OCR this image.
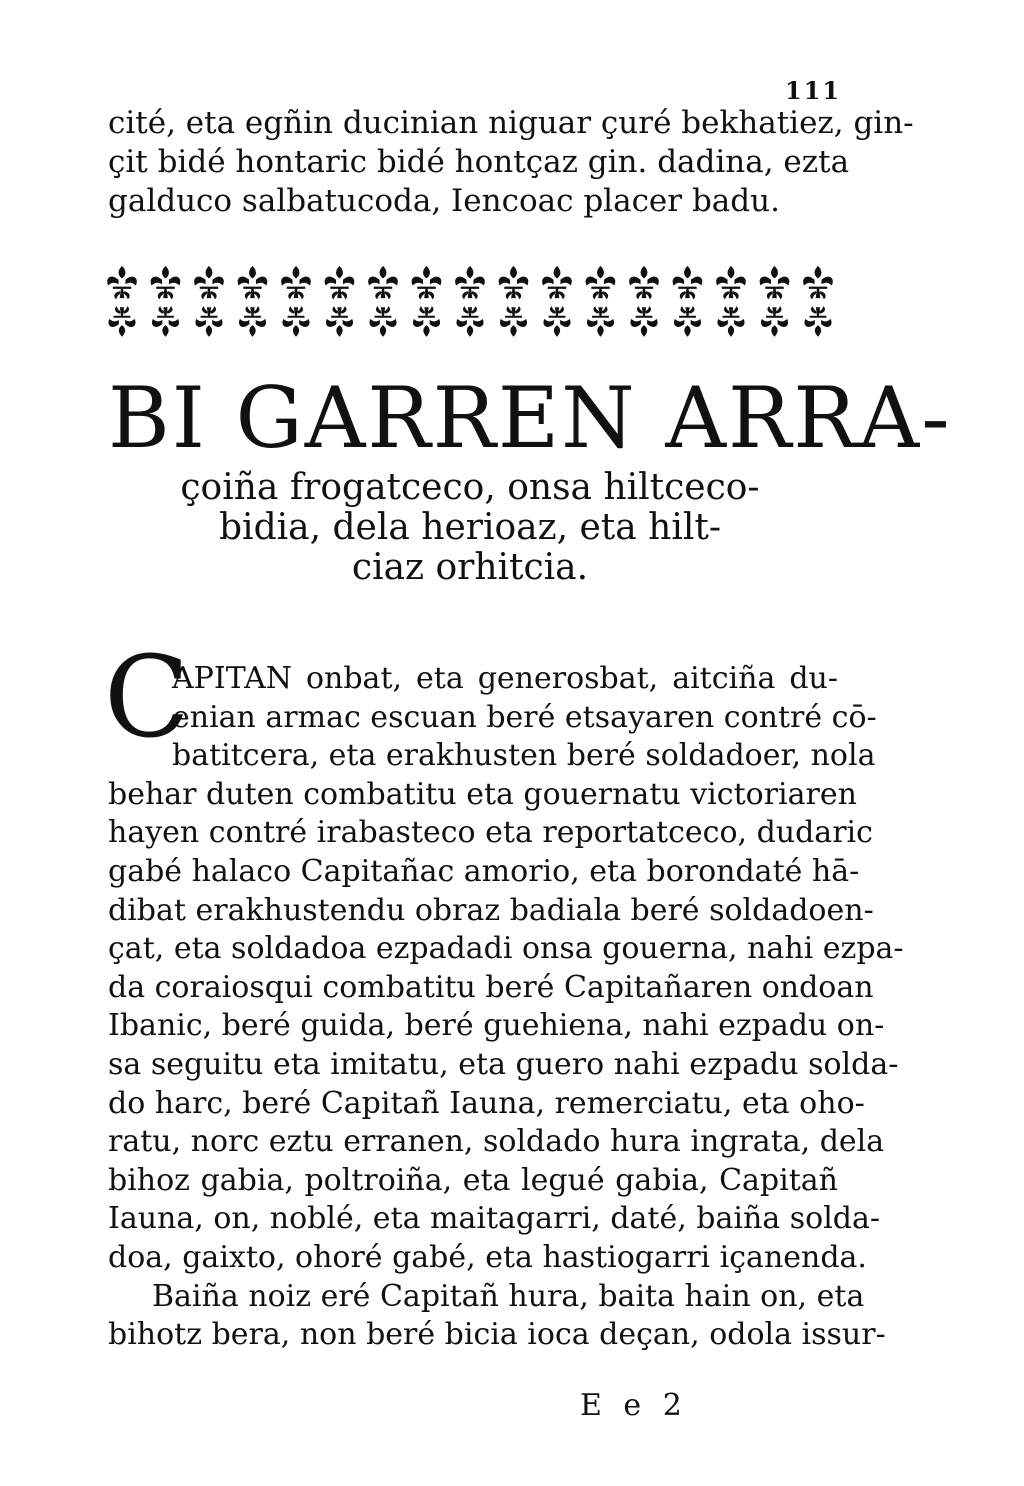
111
cité, eta egñin ducinian niguar çuré bekhatiez, gin-
çit bidé hontaric bidé hontçaz gin. dadina, ezta
galduco salbatucoda, Iencoac placer badu.
BI GARREN ARRA-
çoiña frogatceco, onsa hiltceco-
bidia, dela herioaz, eta hilt-
ciaz orhitcia.
C
APITAN onbat, eta generosbat, aitciña du-
enian armac escuan beré etsayaren contré cō-
batitcera, eta erakhusten beré soldadoer, nola
behar duten combatitu eta gouernatu victoriaren
hayen contré irabasteco eta reportatceco, dudaric
gabé halaco Capitañac amorio, eta borondaté hā-
dibat erakhustendu obraz badiala beré soldadoen-
çat, eta soldadoa ezpadadi onsa gouerna, nahi ezpa-
da coraiosqui combatitu beré Capitañaren ondoan
Ibanic, beré guida, beré guehiena, nahi ezpadu on-
sa seguitu eta imitatu, eta guero nahi ezpadu solda-
do harc, beré Capitañ Iauna, remerciatu, eta oho-
ratu, norc eztu erranen, soldado hura ingrata, dela
bihoz gabia, poltroiña, eta legué gabia, Capitañ
Iauna, on, noblé, eta maitagarri, daté, baiña solda-
doa, gaixto, ohoré gabé, eta hastiogarri içanenda.
Baiña noiz eré Capitañ hura, baita hain on, eta
bihotz bera, non beré bicia ioca deçan, odola issur-
E e 2
